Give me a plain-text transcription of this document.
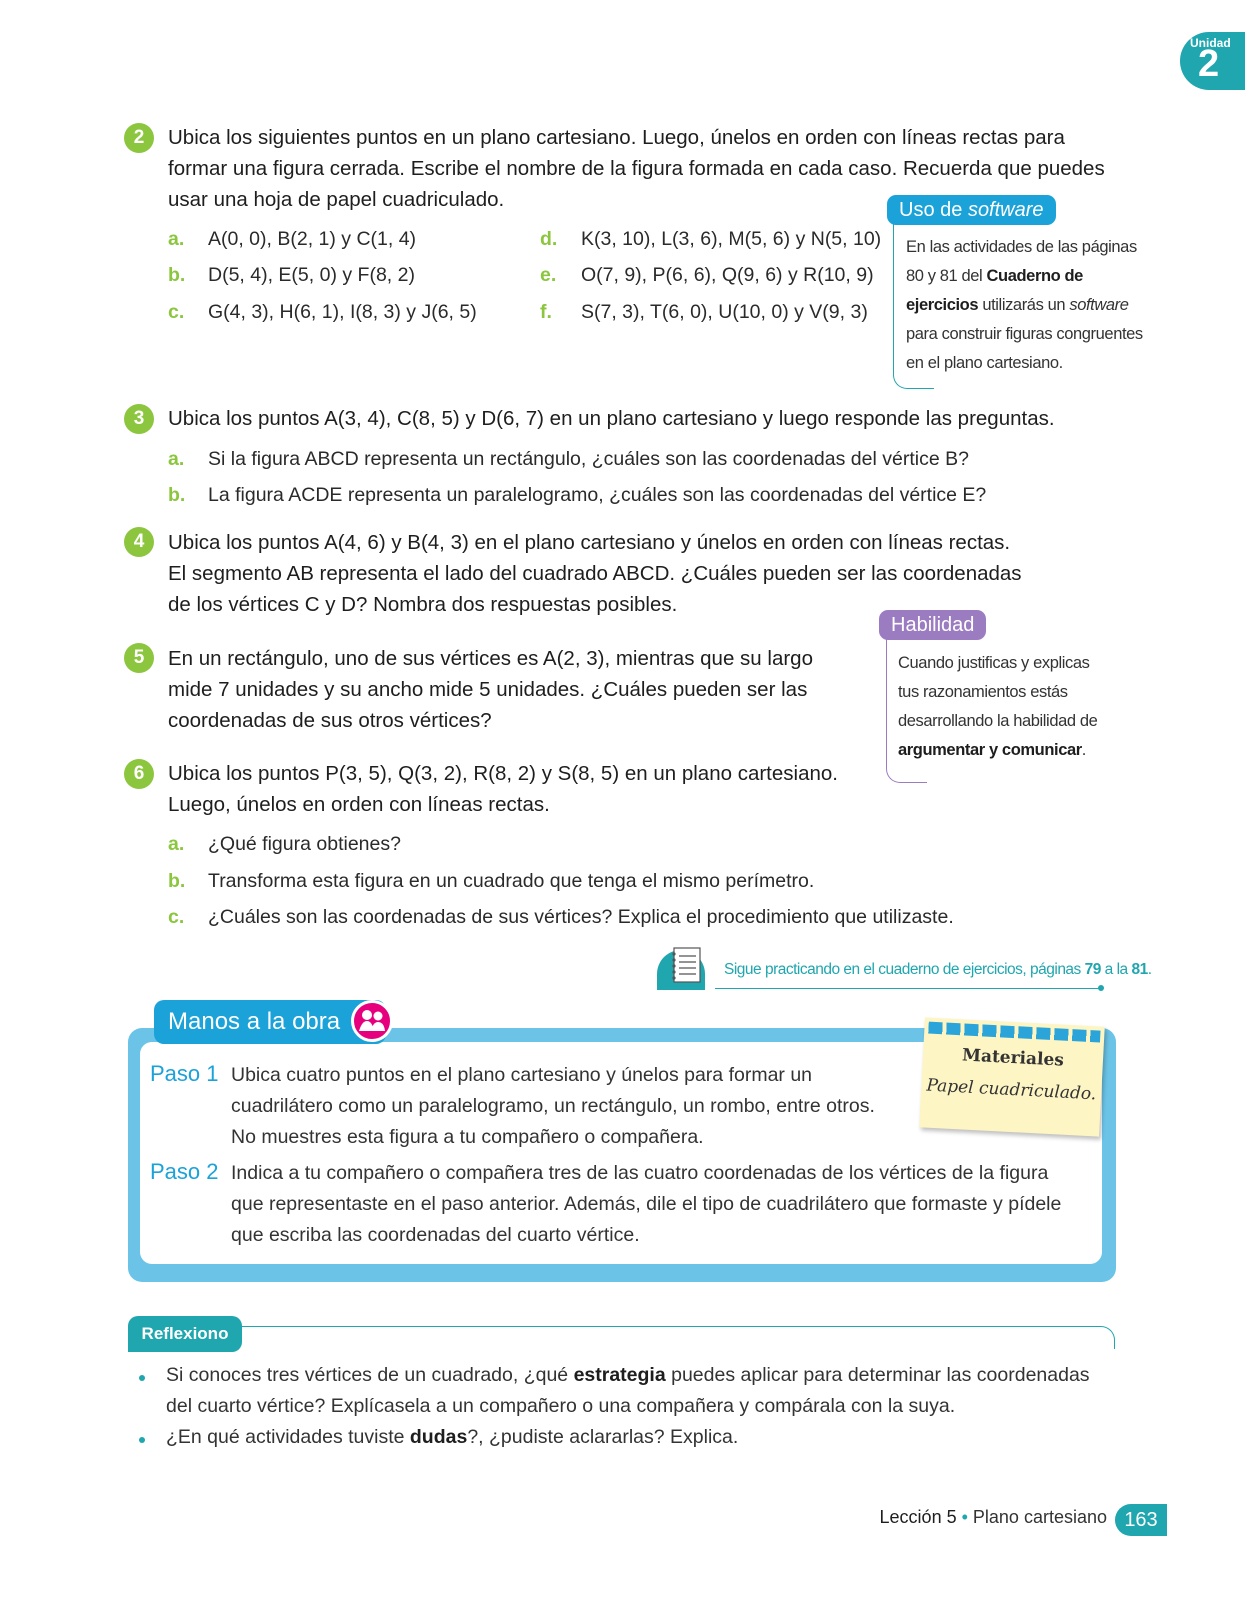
Unidad
2
2	Ubica los siguientes puntos en un plano cartesiano. Luego, únelos en orden con líneas rectas para
formar una figura cerrada. Escribe el nombre de la figura formada en cada caso. Recuerda que puedes
usar una hoja de papel cuadriculado.
a. A(0, 0), B(2, 1) y C(1, 4)
b. D(5, 4), E(5, 0) y F(8, 2)
c. G(4, 3), H(6, 1), I(8, 3) y J(6, 5)
d. K(3, 10), L(3, 6), M(5, 6) y N(5, 10)
e. O(7, 9), P(6, 6), Q(9, 6) y R(10, 9)
f. S(7, 3), T(6, 0), U(10, 0) y V(9, 3)
Uso de software
En las actividades de las páginas
80 y 81 del Cuaderno de
ejercicios utilizarás un software
para construir figuras congruentes
en el plano cartesiano.
3	Ubica los puntos A(3, 4), C(8, 5) y D(6, 7) en un plano cartesiano y luego responde las preguntas.
a. Si la figura ABCD representa un rectángulo, ¿cuáles son las coordenadas del vértice B?
b. La figura ACDE representa un paralelogramo, ¿cuáles son las coordenadas del vértice E?
4	Ubica los puntos A(4, 6) y B(4, 3) en el plano cartesiano y únelos en orden con líneas rectas.
El segmento AB representa el lado del cuadrado ABCD. ¿Cuáles pueden ser las coordenadas
de los vértices C y D? Nombra dos respuestas posibles.
Habilidad
Cuando justificas y explicas
tus razonamientos estás
desarrollando la habilidad de
argumentar y comunicar.
5	En un rectángulo, uno de sus vértices es A(2, 3), mientras que su largo
mide 7 unidades y su ancho mide 5 unidades. ¿Cuáles pueden ser las
coordenadas de sus otros vértices?
6	Ubica los puntos P(3, 5), Q(3, 2), R(8, 2) y S(8, 5) en un plano cartesiano.
Luego, únelos en orden con líneas rectas.
a. ¿Qué figura obtienes?
b. Transforma esta figura en un cuadrado que tenga el mismo perímetro.
c. ¿Cuáles son las coordenadas de sus vértices? Explica el procedimiento que utilizaste.
Sigue practicando en el cuaderno de ejercicios, páginas 79 a la 81.
Manos a la obra
Paso 1 Ubica cuatro puntos en el plano cartesiano y únelos para formar un
cuadrilátero como un paralelogramo, un rectángulo, un rombo, entre otros.
No muestres esta figura a tu compañero o compañera.
Paso 2 Indica a tu compañero o compañera tres de las cuatro coordenadas de los vértices de la figura
que representaste en el paso anterior. Además, dile el tipo de cuadrilátero que formaste y pídele
que escriba las coordenadas del cuarto vértice.
Materiales
Papel cuadriculado.
Reflexiono
Si conoces tres vértices de un cuadrado, ¿qué estrategia puedes aplicar para determinar las coordenadas
del cuarto vértice? Explícasela a un compañero o una compañera y compárala con la suya.
¿En qué actividades tuviste dudas?, ¿pudiste aclararlas? Explica.
Lección 5 • Plano cartesiano 163
